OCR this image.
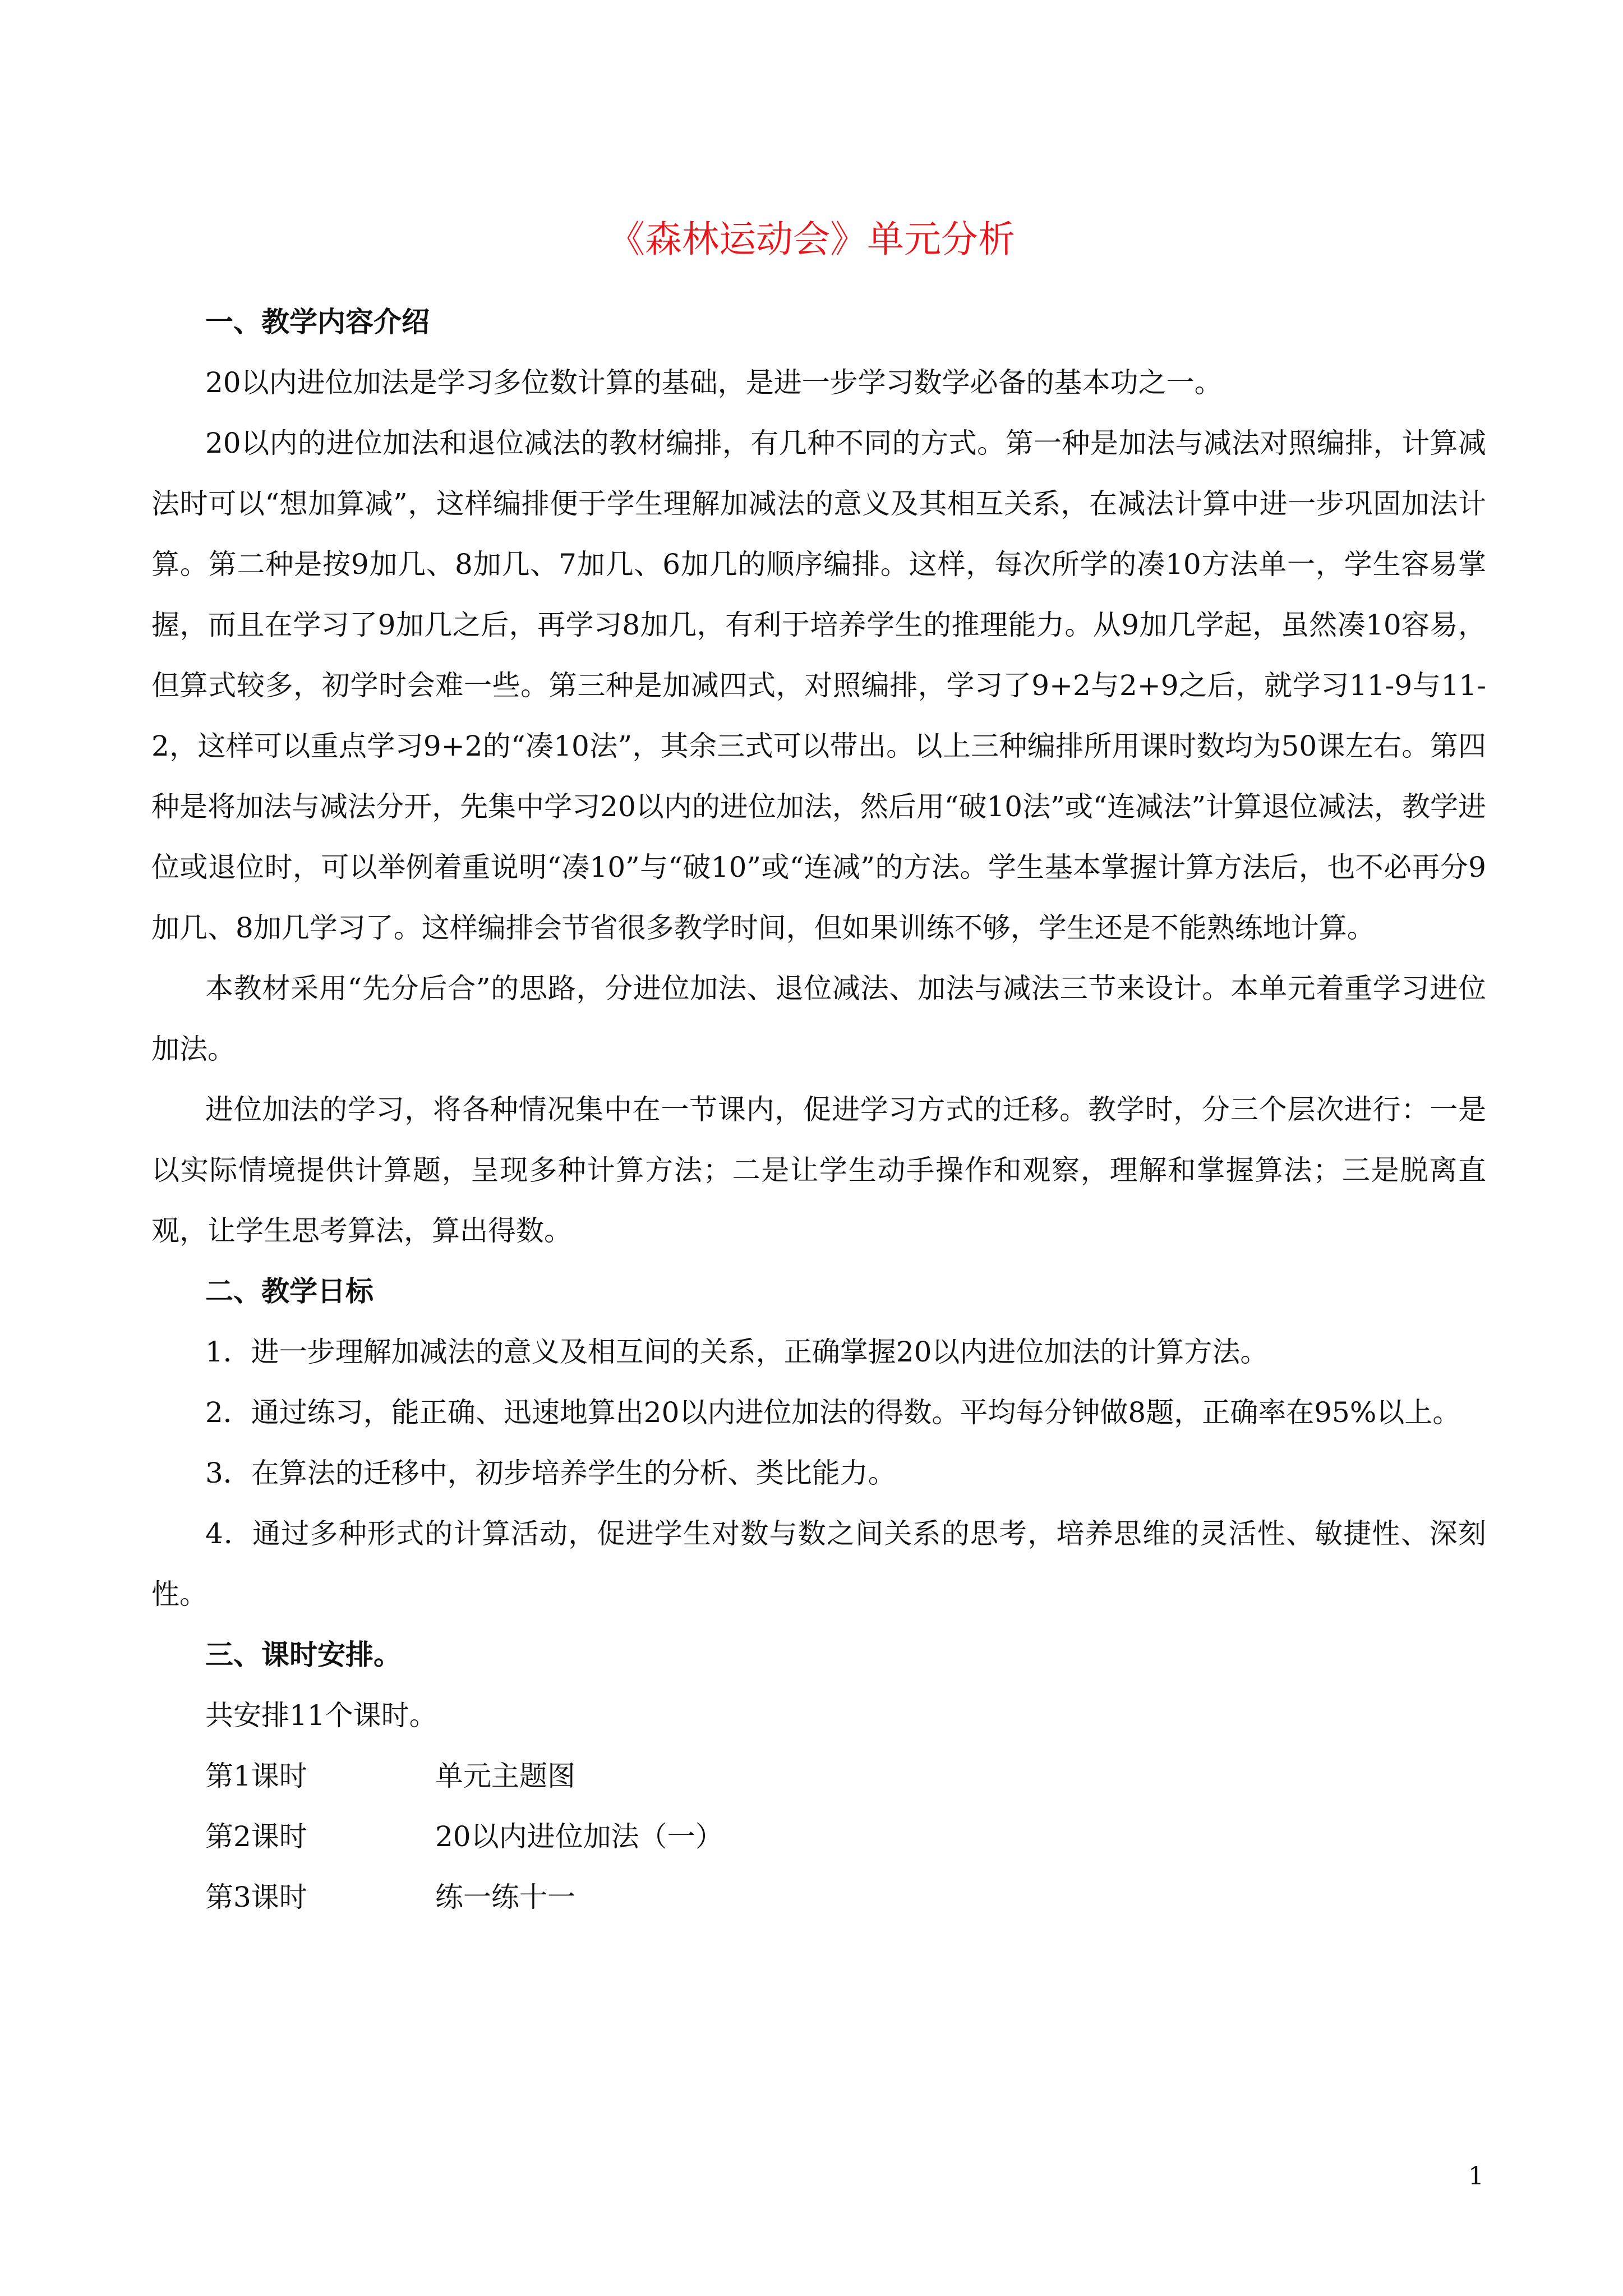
《森林运动会》单元分析

一、教学内容介绍

20以内进位加法是学习多位数计算的基础，是进一步学习数学必备的基本功之一。

20以内的进位加法和退位减法的教材编排，有几种不同的方式。第一种是加法与减法对照编排，计算减法时可以“想加算减”，这样编排便于学生理解加减法的意义及其相互关系，在减法计算中进一步巩固加法计算。第二种是按9加几、8加几、7加几、6加几的顺序编排。这样，每次所学的凑10方法单一，学生容易掌握，而且在学习了9加几之后，再学习8加几，有利于培养学生的推理能力。从9加几学起，虽然凑10容易，但算式较多，初学时会难一些。第三种是加减四式，对照编排，学习了9+2与2+9之后，就学习11-9与11-2，这样可以重点学习9+2的“凑10法”，其余三式可以带出。以上三种编排所用课时数均为50课左右。第四种是将加法与减法分开，先集中学习20以内的进位加法，然后用“破10法”或“连减法”计算退位减法，教学进位或退位时，可以举例着重说明“凑10”与“破10”或“连减”的方法。学生基本掌握计算方法后，也不必再分9加几、8加几学习了。这样编排会节省很多教学时间，但如果训练不够，学生还是不能熟练地计算。

本教材采用“先分后合”的思路，分进位加法、退位减法、加法与减法三节来设计。本单元着重学习进位加法。

进位加法的学习，将各种情况集中在一节课内，促进学习方式的迁移。教学时，分三个层次进行：一是以实际情境提供计算题，呈现多种计算方法；二是让学生动手操作和观察，理解和掌握算法；三是脱离直观，让学生思考算法，算出得数。

二、教学日标

1．进一步理解加减法的意义及相互间的关系，正确掌握20以内进位加法的计算方法。

2．通过练习，能正确、迅速地算出20以内进位加法的得数。平均每分钟做8题，正确率在95%以上。

3．在算法的迁移中，初步培养学生的分析、类比能力。

4．通过多种形式的计算活动，促进学生对数与数之间关系的思考，培养思维的灵活性、敏捷性、深刻性。

三、课时安排。

共安排11个课时。

第1课时	单元主题图
第2课时	20以内进位加法（一）
第3课时	练一练十一
1
